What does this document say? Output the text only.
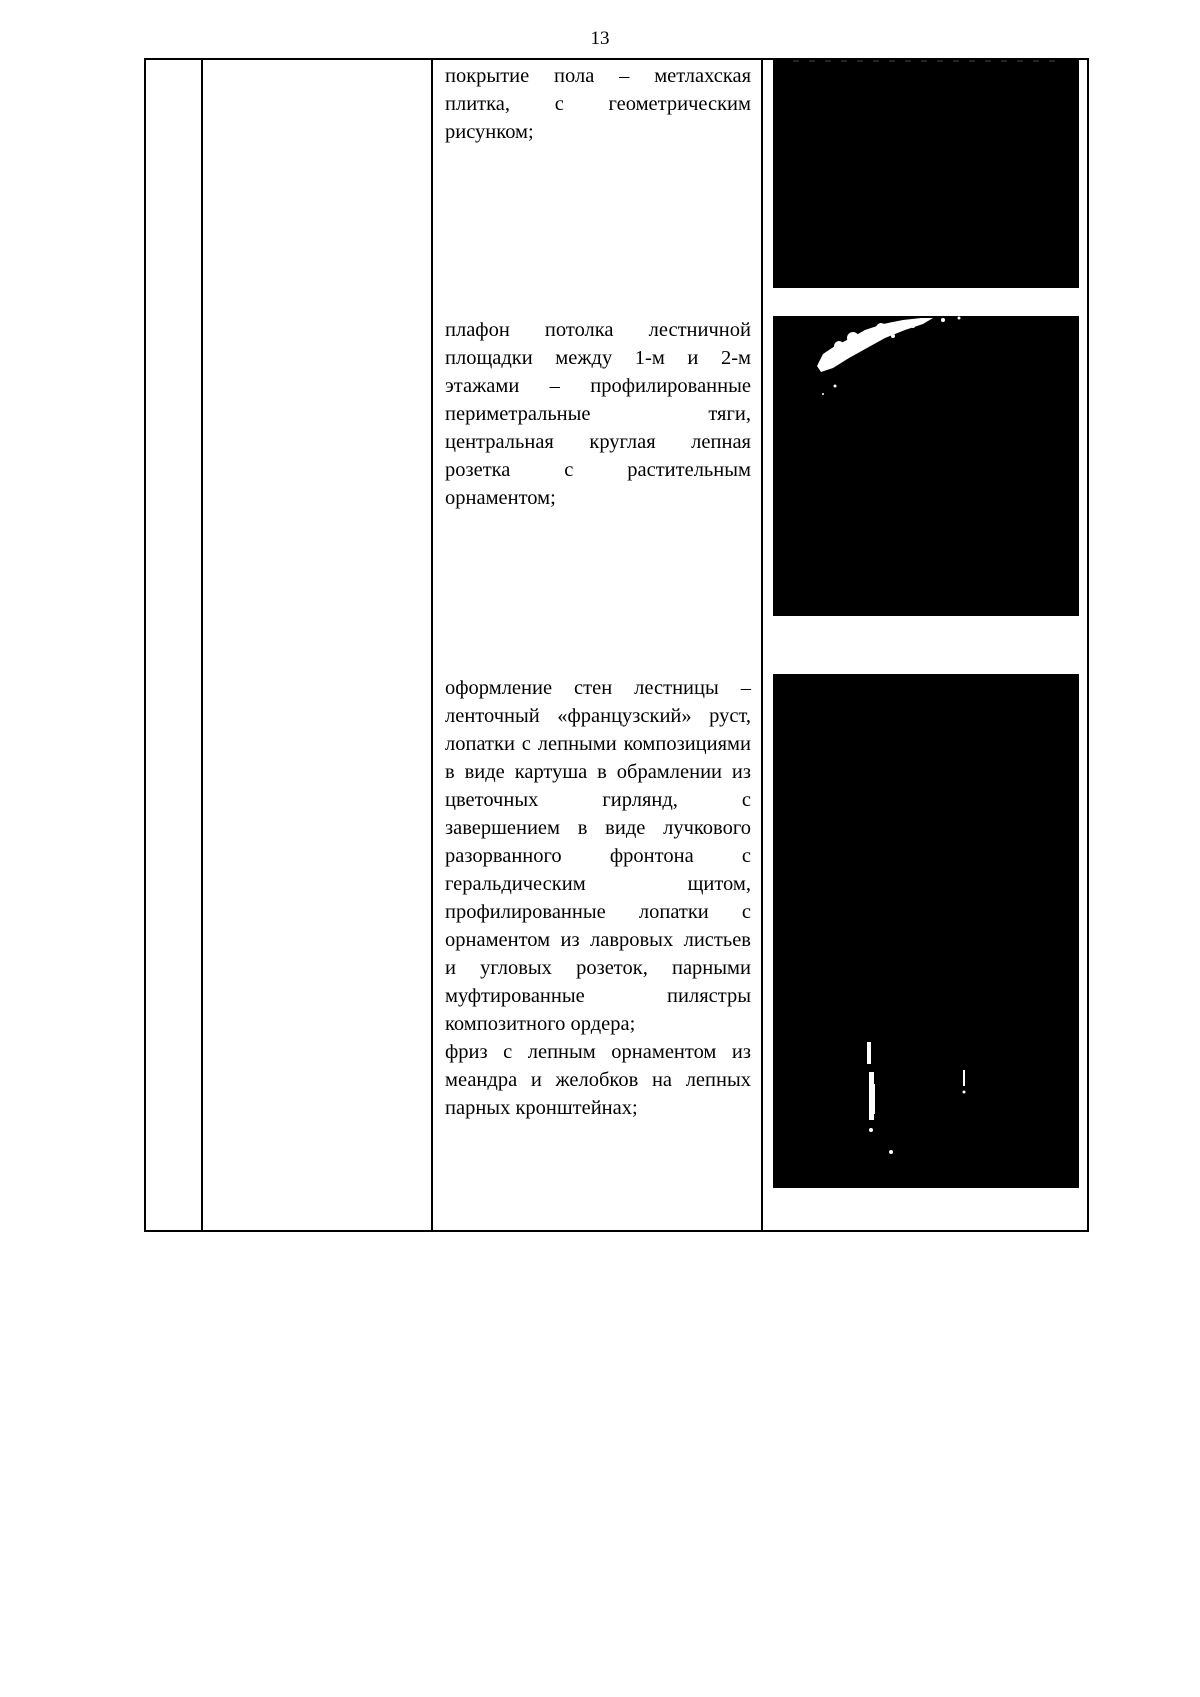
13

покрытие пола – метлахская плитка, с геометрическим рисунком;

плафон потолка лестничной площадки между 1-м и 2-м этажами – профилированные периметральные тяги, центральная круглая лепная розетка с растительным орнаментом;

оформление стен лестницы – ленточный «французский» руст, лопатки с лепными композициями в виде картуша в обрамлении из цветочных гирлянд, с завершением в виде лучкового разорванного фронтона с геральдическим щитом, профилированные лопатки с орнаментом из лавровых листьев и угловых розеток, парными муфтированные пилястры композитного ордера;

фриз с лепным орнаментом из меандра и желобков на лепных парных кронштейнах;
